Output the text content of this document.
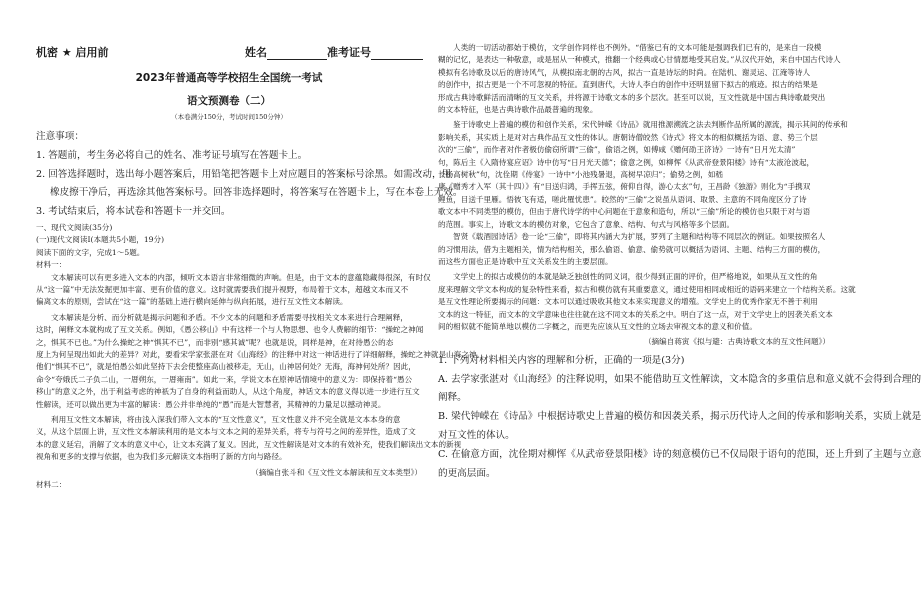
机密 ★ 启用前	姓名	准考证号
2023年普通高等学校招生全国统一考试
语文预测卷（二）
（本卷满分150分，考试时间150分钟）
注意事项：
1. 答题前，考生务必将自己的姓名、准考证号填写在答题卡上。
2. 回答选择题时，选出每小题答案后，用铅笔把答题卡上对应题目的答案标号涂黑。如需改动，用
橡皮擦干净后，再选涂其他答案标号。回答非选择题时，将答案写在答题卡上，写在本卷上无效。
3. 考试结束后，将本试卷和答题卡一并交回。
一、现代文阅读(35分)
(一)现代文阅读Ⅰ(本题共5小题，19分)
阅读下面的文字，完成1～5题。
材料一：
文本解读可以有更多进入文本的内部，倾听文本语言非常细微的声响。但是，由于文本的意蕴隐藏得很深，有时仅
从“这一篇”中无法发掘更加丰富、更有价值的意义。这时就需要我们提升视野，布局着于文本，超越文本而又不
偏离文本的原则，尝试在“这一篇”的基础上进行横向延伸与纵向拓展，进行互文性文本解读。
文本解读是分析、而分析就是揭示问题和矛盾。不少文本的问题和矛盾需要寻找相关文本来进行合理阐释，
这时，阐释文本就构成了互文关系。例如，《愚公移山》中有这样一个与人物思想、也令人费解的细节：“操蛇之神闻
之，惧其不已也。”为什么操蛇之神“惧其不已”，而非别“感其诚”呢？也就是说，同样是神，在对待愚公的态
度上为何呈现出如此大的差异？对此，要看宋学家张湛在对《山海经》的注释中对这一神话进行了详细解释，操蛇之神就是山海之神。
他们“惧其不已”，就是怕愚公如此坚持下去会使整座高山被移走，无山，山神居何处？无海，海神何处所？因此，
命令“夸娥氏二子负二山，一厝朔东，一厝雍南”。如此一来，学说文本在原神话情境中的意义为：即保持着“愚公
移山”的意义之外，出于利益考虑的神祇为了自身的利益而助人，从这个角度，神话文本的意义得以进一步进行互文
性解读，还可以做出更为丰富的解读：愚公并非单纯的“愚”而是大智慧者，其精神的力量足以撼动神灵。
利用互文性文本解读，将由浅入深我们带入文本的“互文性意义”，互文性意义并不完全就是文本本身的意
义，从这个层面上讲，互文性文本解读利用的是文本与文本之间的差异关系，将专与符号之间的差异性，造成了文
本的意义延宕，消解了文本的意义中心，让文本充满了复义。因此，互文性解读是对文本的有效补充，使我们解读出文本的新视
视角和更多的支撑与依据，也为我们多元解读文本指明了新的方向与路径。
（摘编自张斗和《互文性文本解读和互文本类型》）
材料二：
人类的一切活动都始于模仿，文学创作同样也不例外。“借鉴已有的文本可能是强调我们已有的，是来自一段模
糊的记忆，是表达一种敬意，或是屈从一种模式，推翻一个经典或心甘情愿地受其启发。”从汉代开始，来自中国古代诗人
模拟有名诗歌及以后的唐诗风气，从模拟南北朝的古风，拟古一直是诗坛的时尚。在陆机、谢灵运、江淹等诗人
的创作中，拟古更是一个不可忽视的特征。直到唐代，大诗人李白的创作中还明显留下拟古的痕迹。拟古的结果是
形成古典诗歌鲜活而清晰的互文关系，并将源于诗歌文本的多个层次。甚至可以说，互文性就是中国古典诗歌最突出
的文本特征，也是古典诗歌作品最普遍的现象。
鉴于诗歌史上普遍的模仿和创作关系，宋代钟嵘《诗品》就用推源溯流之法去判断作品所属的源流，揭示其间的传承和
影响关系，其实质上是对对古典作品互文性的体认。唐朝诗僧皎然《诗式》将文本的相似概括为语、意、势三个层
次的“三偷”，而作者对作者极仿偷窃所谓“三偷”，偷语之例，如傅咸《赠何劭王济诗》一诗有“日月光太清”
句，陈后主《入隋侍宴应诏》诗中仿写“日月光天德”；偷意之例，如柳恽《从武帝登景阳楼》诗有“太液沧波起，
长杨高树秋”句，沈佺期《侍宴》一诗中“小池残暑退，高树早凉归”；偷势之例，如嵇
康《赠秀才入军（其十四）》有“目送归鸿，手挥五弦，俯仰自得，游心太玄”句，王昌龄《独游》则化为“手携双
鲤鱼，目送千里雁。悟彼飞有适，嗟此罹忧患”。皎然的“三偷”之说虽从语词、取景、主意的不同角度区分了诗
歌文本中不同类型的模仿，但由于唐代诗学的中心问题在于意象和造句，所以“三偷”所论的模仿也只限于对与语
的范围。事实上，诗歌文本的模仿对象，它包含了意象、结构、句式与风格等多个层面。
智贤《载酒园诗话》卷一论“三偷”，即将其内涵大为扩展，罗列了主题和结构等不同层次的例证。如果按照名人
的习惯用法，借为主题相关，情为结构相关，那么偷语、偷意、偷势就可以概括为语词、主题、结构三方面的模仿，
而这些方面也正是诗歌中互文关系发生的主要层面。
文学史上的拟古或模仿的本就是缺乏独创性的同义词，很少得到正面的评价，但严格地说，如果从互文性的角
度来理解文学文本构成的复杂特性来看，拟古和模仿就有其重要意义，通过使用相同或相近的语码来建立一个结构关系。这就
是互文性理论所要揭示的问题：文本可以通过吸收其他文本来实现意义的增殖。文学史上的优秀作家无不善于利用
文本的这一特征，而文本的文学意味也往往就在这不同文本的关系之中。明白了这一点，对于文学史上的因袭关系文本
间的相似就不能简单地以模仿二字概之，而更先应该从互文性的立场去审视文本的意义和价值。
（摘编自蒋寅《拟与避：古典诗歌文本的互文性问题》）
1. 下列对材料相关内容的理解和分析，正确的一项是(3分)
A. 去学家张湛对《山海经》的注释说明，如果不能借助互文性解读，文本隐含的多重信息和意义就不会得到合理的
阐释。
B. 梁代钟嵘在《诗品》中根据诗歌史上普遍的模仿和因袭关系，揭示历代诗人之间的传承和影响关系，实质上就是
对互文性的体认。
C. 在偷意方面，沈佺期对柳恽《从武帝登景阳楼》诗的刻意模仿已不仅局限于语句的范围，还上升到了主题与立意
的更高层面。
